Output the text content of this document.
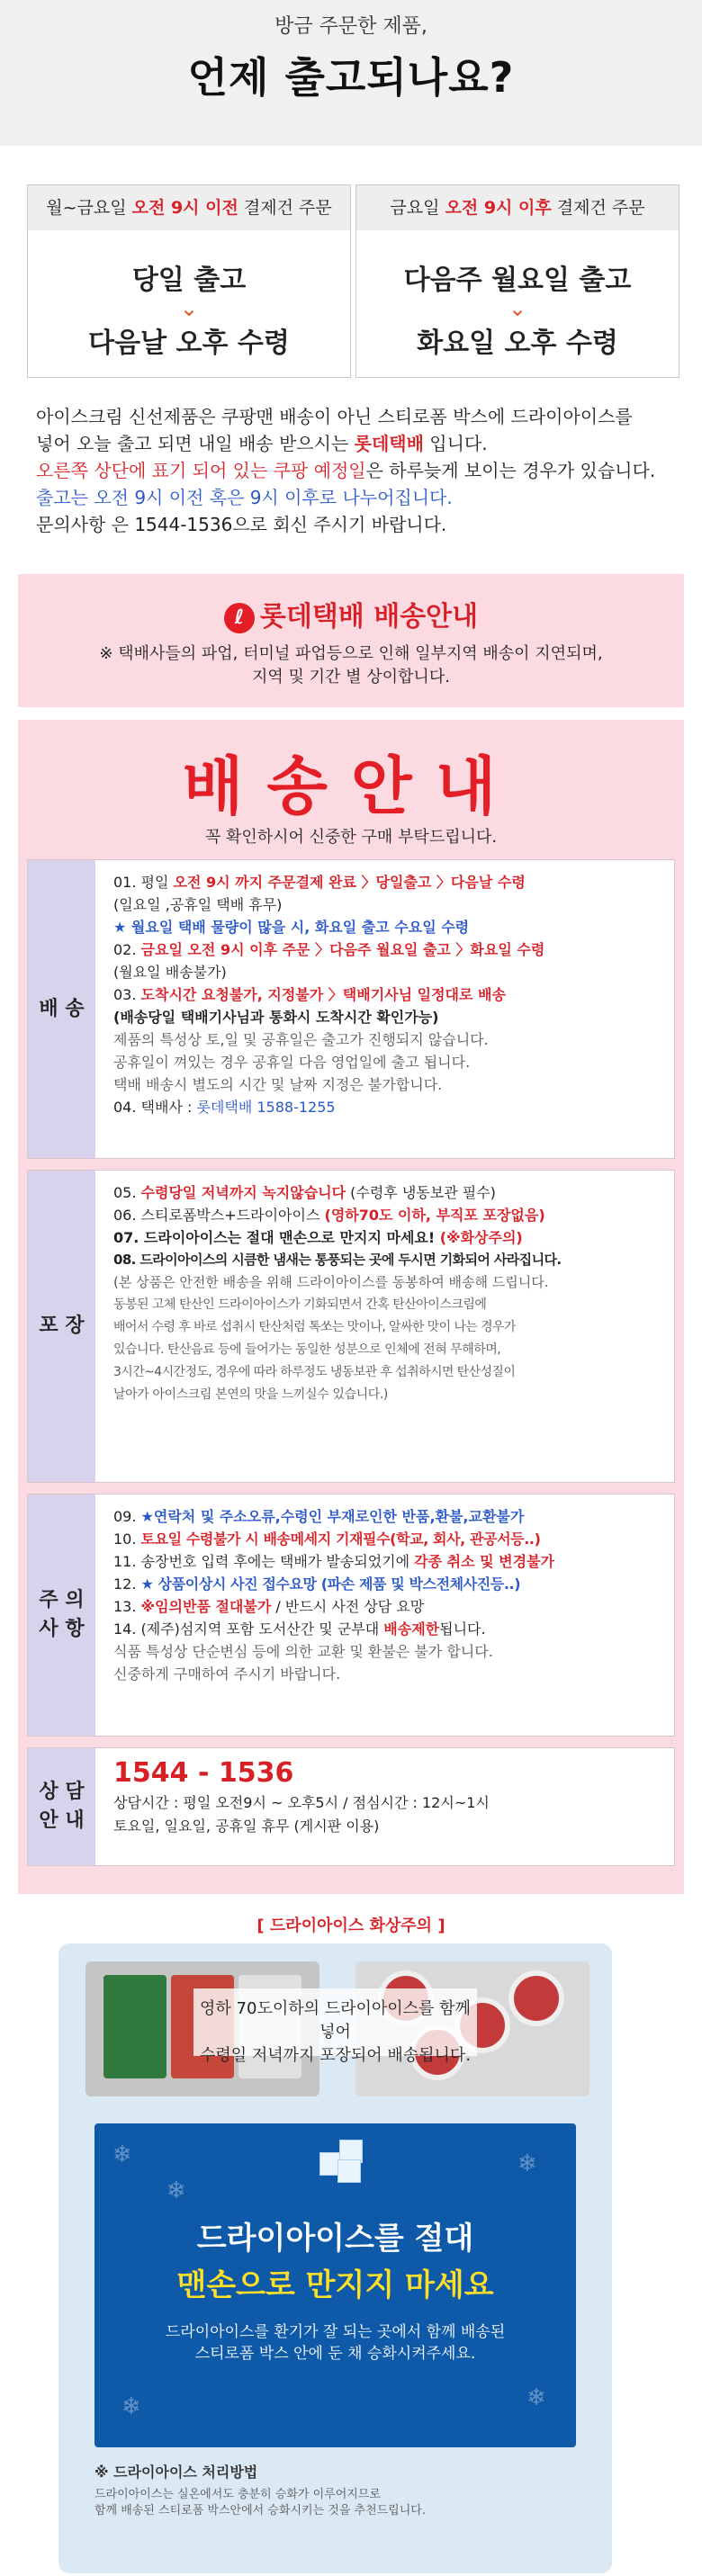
방금 주문한 제품,
언제 출고되나요?
월~금요일 오전 9시 이전 결제건 주문
당일 출고
⌄
다음날 오후 수령
금요일 오전 9시 이후 결제건 주문
다음주 월요일 출고
⌄
화요일 오후 수령
아이스크림 신선제품은 쿠팡맨 배송이 아닌 스티로폼 박스에 드라이아이스를
넣어 오늘 출고 되면 내일 배송 받으시는 롯데택배 입니다.
오른쪽 상단에 표기 되어 있는 쿠팡 예정일은 하루늦게 보이는 경우가 있습니다.
출고는 오전 9시 이전 혹은 9시 이후로 나누어집니다.
문의사항 은 1544-1536으로 회신 주시기 바랍니다.
ℓ 롯데택배 배송안내
※ 택배사들의 파업, 터미널 파업등으로 인해 일부지역 배송이 지연되며,
지역 및 기간 별 상이합니다.
배송안내
꼭 확인하시어 신중한 구매 부탁드립니다.
배 송
01. 평일 오전 9시 까지 주문결제 완료 〉당일출고 〉다음날 수령
(일요일 ,공휴일 택배 휴무)
★ 월요일 택배 물량이 많을 시, 화요일 출고 수요일 수령
02. 금요일 오전 9시 이후 주문 〉다음주 월요일 출고 〉화요일 수령
(월요일 배송불가)
03. 도착시간 요청불가, 지정불가 〉택배기사님 일정대로 배송
(배송당일 택배기사님과 통화시 도착시간 확인가능)
제품의 특성상 토,일 및 공휴일은 출고가 진행되지 않습니다.
공휴일이 껴있는 경우 공휴일 다음 영업일에 출고 됩니다.
택배 배송시 별도의 시간 및 날짜 지정은 불가합니다.
04. 택배사 : 롯데택배 1588-1255
포 장
05. 수령당일 저녁까지 녹지않습니다 (수령후 냉동보관 필수)
06. 스티로폼박스+드라이아이스 (영하70도 이하, 부직포 포장없음)
07. 드라이아이스는 절대 맨손으로 만지지 마세요! (※화상주의)
08. 드라이아이스의 시큼한 냄새는 통풍되는 곳에 두시면 기화되어 사라집니다.
(본 상품은 안전한 배송을 위해 드라이아이스를 동봉하여 배송해 드립니다.
동봉된 고체 탄산인 드라이아이스가 기화되면서 간혹 탄산아이스크림에
배어서 수령 후 바로 섭취시 탄산처럼 톡쏘는 맛이나, 알싸한 맛이 나는 경우가
있습니다. 탄산음료 등에 들어가는 동일한 성분으로 인체에 전혀 무해하며,
3시간~4시간정도, 경우에 따라 하루정도 냉동보관 후 섭취하시면 탄산성질이
날아가 아이스크림 본연의 맛을 느끼실수 있습니다.)
주 의 사 항
09. ★연락처 및 주소오류,수령인 부재로인한 반품,환불,교환불가
10. 토요일 수령불가 시 배송메세지 기재필수(학교, 회사, 관공서등..)
11. 송장번호 입력 후에는 택배가 발송되었기에 각종 취소 및 변경불가
12. ★ 상품이상시 사진 접수요망 (파손 제품 및 박스전체사진등..)
13. ※임의반품 절대불가 / 반드시 사전 상담 요망
14. (제주)섬지역 포함 도서산간 및 군부대 배송제한됩니다.
식품 특성상 단순변심 등에 의한 교환 및 환불은 불가 합니다.
신중하게 구매하여 주시기 바랍니다.
상 담 안 내
1544 - 1536
상담시간 : 평일 오전9시 ~ 오후5시 / 점심시간 : 12시~1시
토요일, 일요일, 공휴일 휴무 (게시판 이용)
[ 드라이아이스 화상주의 ]
영하 70도이하의 드라이아이스를 함께 넣어
수령일 저녁까지 포장되어 배송됩니다.
❄
❄
❄
❄	❄
드라이아이스를 절대
맨손으로 만지지 마세요
드라이아이스를 환기가 잘 되는 곳에서 함께 배송된
스티로폼 박스 안에 둔 채 승화시켜주세요.
※ 드라이아이스 처리방법
드라이아이스는 실온에서도 충분히 승화가 이루어지므로
함께 배송된 스티로폼 박스안에서 승화시키는 것을 추천드립니다.
